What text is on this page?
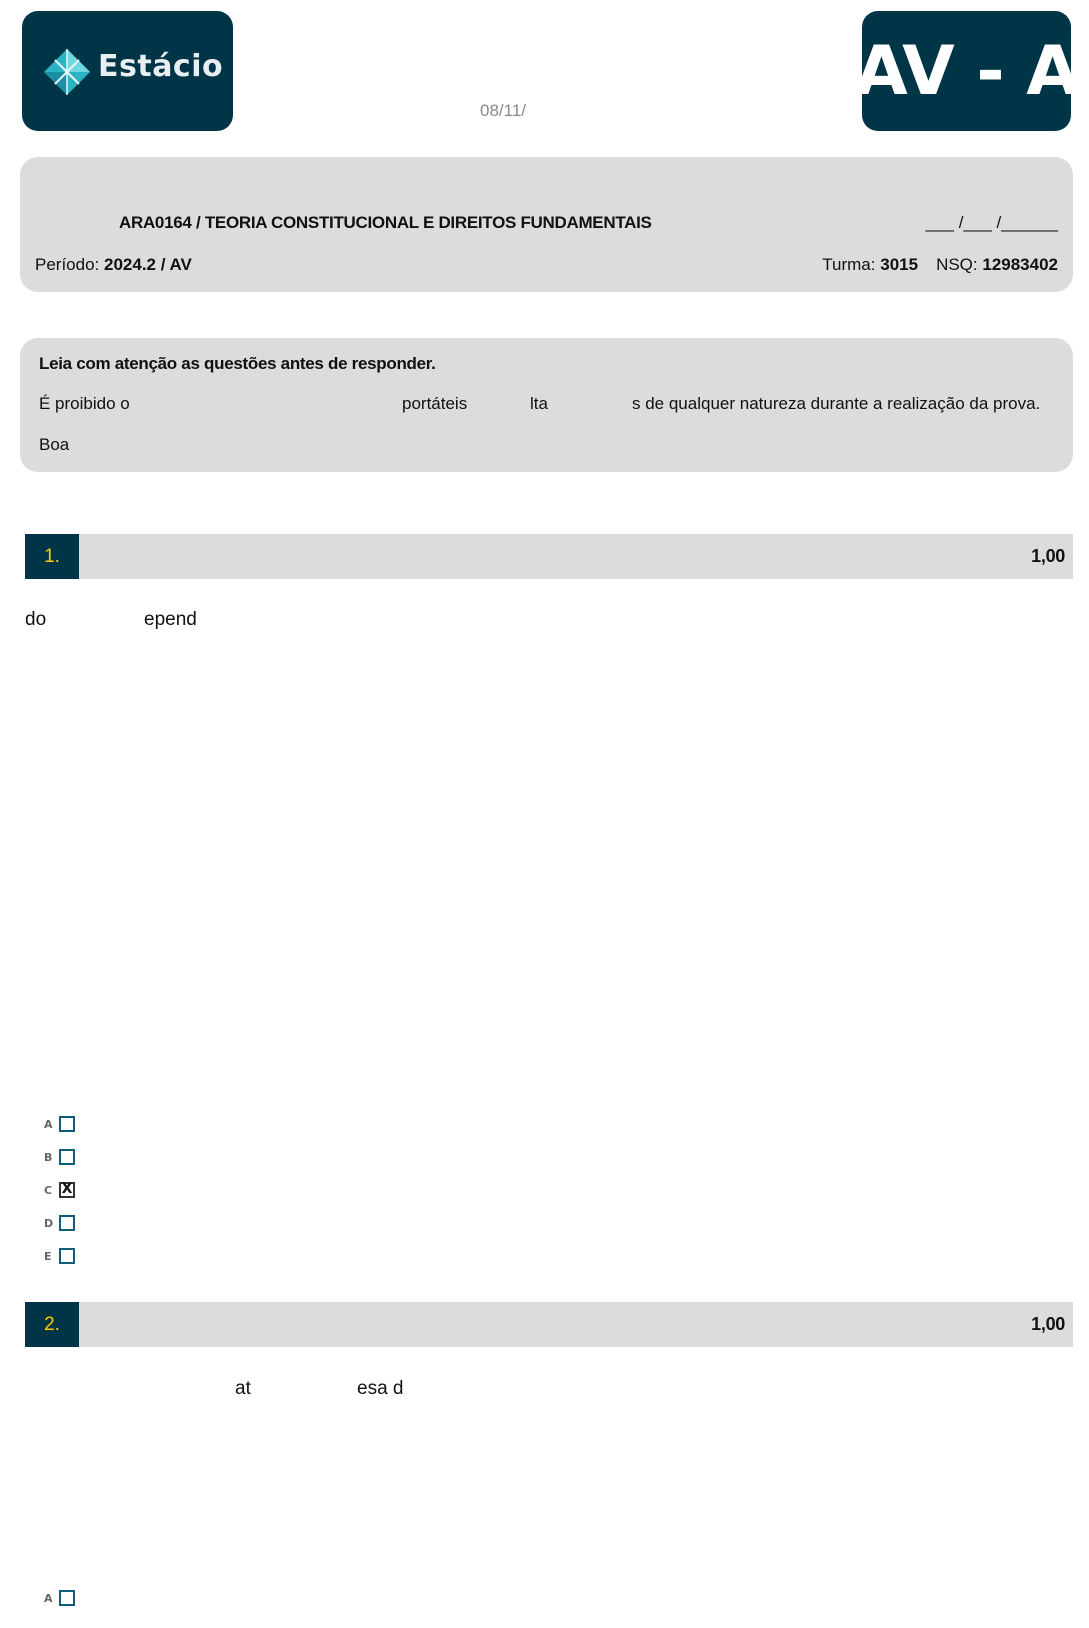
Estácio
08/11/	AV - A
ARA0164 / TEORIA CONSTITUCIONAL E DIREITOS FUNDAMENTAIS	___ /___ /______
Período: 2024.2 / AV	Turma: 3015 NSQ: 12983402
Leia com atenção as questões antes de responder.
É proibido o	portáteis	lta	s de qualquer natureza durante a realização da prova.
Boa
1.	1,00
do	epend
A
B
C X
D
E
2.	1,00
at	esa d
A
